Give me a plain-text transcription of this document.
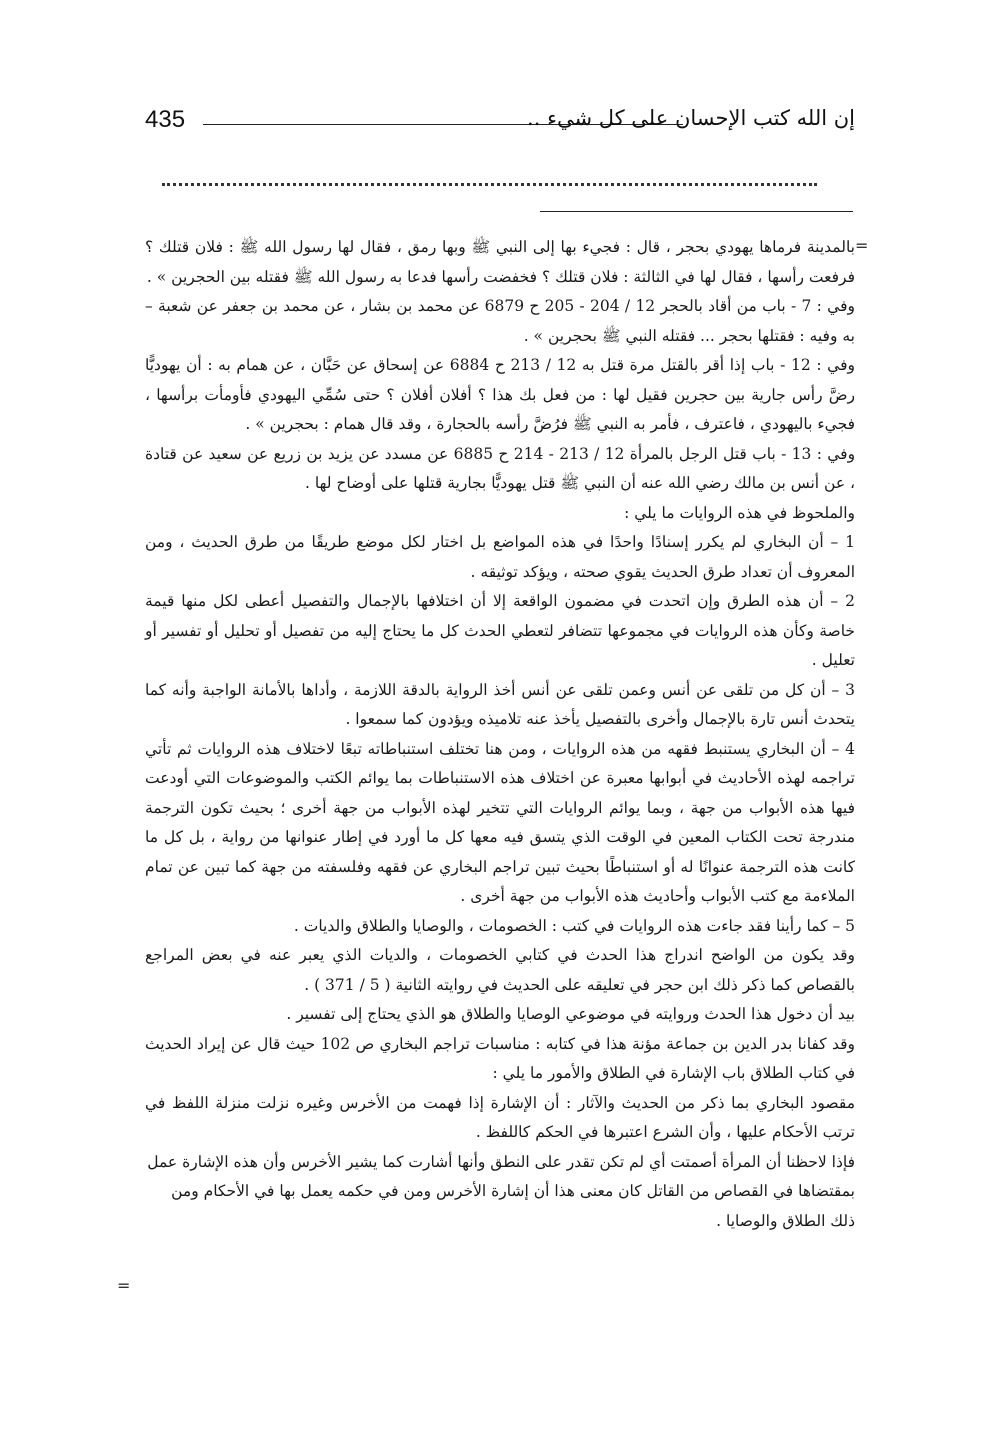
435	إن الله كتب الإحسان على كل شيء ..
=
=

بالمدينة فرماها يهودي بحجر ، قال : فجيء بها إلى النبي ﷺ وبها رمق ، فقال لها رسول الله ﷺ : فلان قتلك ؟ فرفعت رأسها ، فقال لها في الثالثة : فلان قتلك ؟ فخفضت رأسها فدعا به رسول الله ﷺ فقتله بين الحجرين » .

وفي : 7 - باب من أقاد بالحجر 12 / 204 - 205 ح 6879 عن محمد بن بشار ، عن محمد بن جعفر عن شعبة – به وفيه : فقتلها بحجر ... فقتله النبي ﷺ بحجرين » .

وفي : 12 - باب إذا أقر بالقتل مرة قتل به 12 / 213 ح 6884 عن إسحاق عن حَبَّان ، عن همام به : أن يهوديًّا رضَّ رأس جارية بين حجرين فقيل لها : من فعل بك هذا ؟ أفلان أفلان ؟ حتى سُمِّي اليهودي فأومأت برأسها ، فجيء باليهودي ، فاعترف ، فأمر به النبي ﷺ فرُضَّ رأسه بالحجارة ، وقد قال همام : بحجرين » .

وفي : 13 - باب قتل الرجل بالمرأة 12 / 213 - 214 ح 6885 عن مسدد عن يزيد بن زريع عن سعيد عن قتادة ، عن أنس بن مالك رضي الله عنه أن النبي ﷺ قتل يهوديًّا بجارية قتلها على أوضاح لها .

والملحوظ في هذه الروايات ما يلي :

1 – أن البخاري لم يكرر إسنادًا واحدًا في هذه المواضع بل اختار لكل موضع طريقًا من طرق الحديث ، ومن المعروف أن تعداد طرق الحديث يقوي صحته ، ويؤكد توثيقه .

2 – أن هذه الطرق وإن اتحدت في مضمون الواقعة إلا أن اختلافها بالإجمال والتفصيل أعطى لكل منها قيمة خاصة وكأن هذه الروايات في مجموعها تتضافر لتعطي الحدث كل ما يحتاج إليه من تفصيل أو تحليل أو تفسير أو تعليل .

3 – أن كل من تلقى عن أنس وعمن تلقى عن أنس أخذ الرواية بالدقة اللازمة ، وأداها بالأمانة الواجبة وأنه كما يتحدث أنس تارة بالإجمال وأخرى بالتفصيل يأخذ عنه تلاميذه ويؤدون كما سمعوا .

4 – أن البخاري يستنبط فقهه من هذه الروايات ، ومن هنا تختلف استنباطاته تبعًا لاختلاف هذه الروايات ثم تأتي تراجمه لهذه الأحاديث في أبوابها معبرة عن اختلاف هذه الاستنباطات بما يوائم الكتب والموضوعات التي أودعت فيها هذه الأبواب من جهة ، وبما يوائم الروايات التي تتخير لهذه الأبواب من جهة أخرى ؛ بحيث تكون الترجمة مندرجة تحت الكتاب المعين في الوقت الذي يتسق فيه معها كل ما أورد في إطار عنوانها من رواية ، بل كل ما كانت هذه الترجمة عنوانًا له أو استنباطًا بحيث تبين تراجم البخاري عن فقهه وفلسفته من جهة كما تبين عن تمام الملاءمة مع كتب الأبواب وأحاديث هذه الأبواب من جهة أخرى .

5 – كما رأينا فقد جاءت هذه الروايات في كتب : الخصومات ، والوصايا والطلاق والديات .

وقد يكون من الواضح اندراج هذا الحدث في كتابي الخصومات ، والديات الذي يعبر عنه في بعض المراجع بالقصاص كما ذكر ذلك ابن حجر في تعليقه على الحديث في روايته الثانية ( 5 / 371 ) .

بيد أن دخول هذا الحدث وروايته في موضوعي الوصايا والطلاق هو الذي يحتاج إلى تفسير .

وقد كفانا بدر الدين بن جماعة مؤنة هذا في كتابه : مناسبات تراجم البخاري ص 102 حيث قال عن إيراد الحديث في كتاب الطلاق باب الإشارة في الطلاق والأمور ما يلي :

مقصود البخاري بما ذكر من الحديث والآثار : أن الإشارة إذا فهمت من الأخرس وغيره نزلت منزلة اللفظ في ترتب الأحكام عليها ، وأن الشرع اعتبرها في الحكم كاللفظ .

فإذا لاحظنا أن المرأة أصمتت أي لم تكن تقدر على النطق وأنها أشارت كما يشير الأخرس وأن هذه الإشارة عمل بمقتضاها في القصاص من القاتل كان معنى هذا أن إشارة الأخرس ومن في حكمه يعمل بها في الأحكام ومن ذلك الطلاق والوصايا .
